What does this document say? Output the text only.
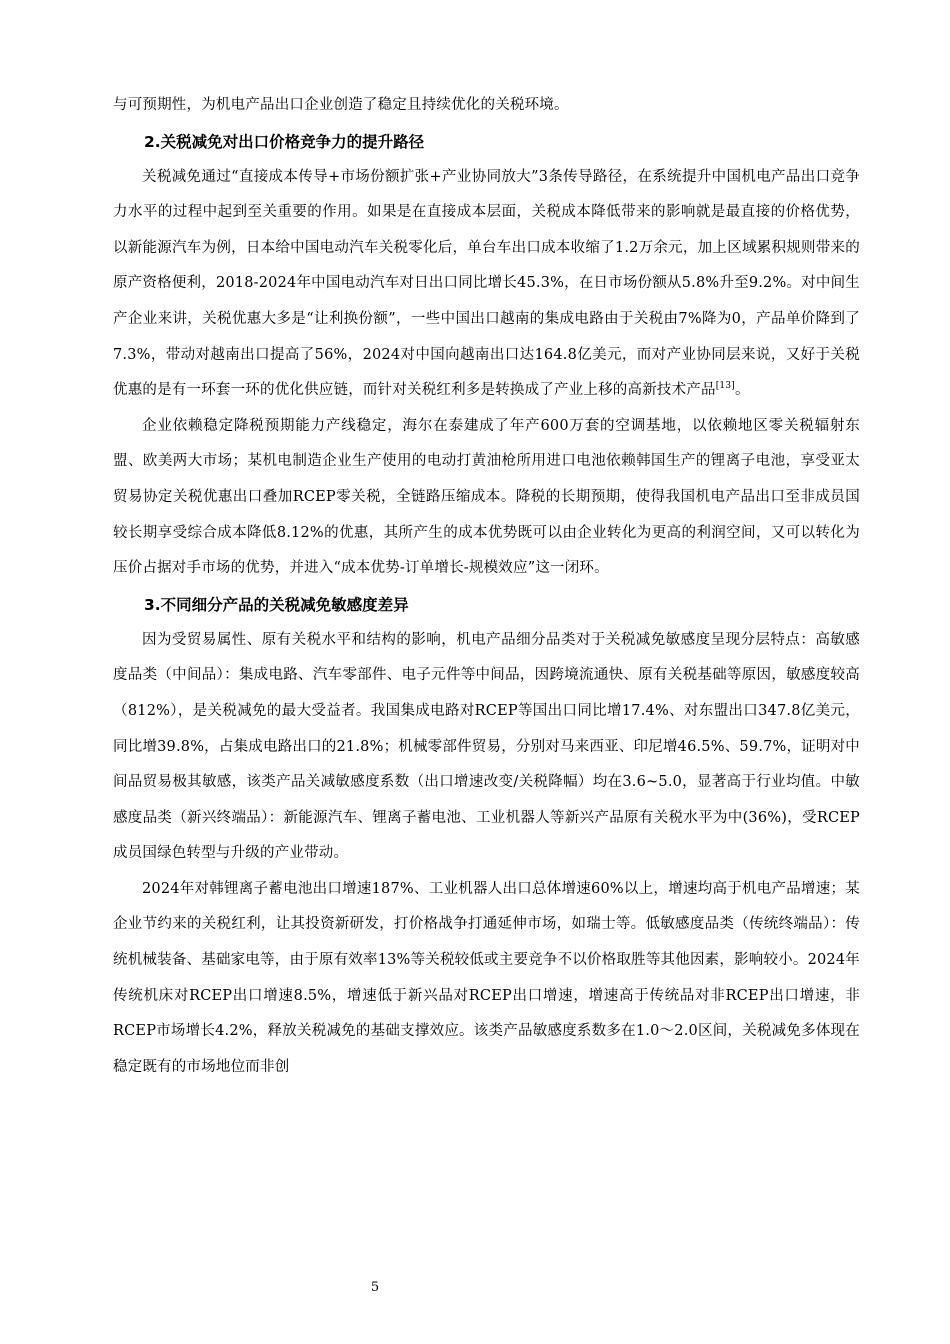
与可预期性，为机电产品出口企业创造了稳定且持续优化的关税环境。

2.关税减免对出口价格竞争力的提升路径

关税减免通过“直接成本传导+市场份额扩张+产业协同放大”3条传导路径，在系统提升中国机电产品出口竞争力水平的过程中起到至关重要的作用。如果是在直接成本层面，关税成本降低带来的影响就是最直接的价格优势，以新能源汽车为例，日本给中国电动汽车关税零化后，单台车出口成本收缩了1.2万余元，加上区域累积规则带来的原产资格便利，2018-2024年中国电动汽车对日出口同比增长45.3%，在日市场份额从5.8%升至9.2%。对中间生产企业来讲，关税优惠大多是“让利换份额”，一些中国出口越南的集成电路由于关税由7%降为0，产品单价降到了7.3%，带动对越南出口提高了56%，2024对中国向越南出口达164.8亿美元，而对产业协同层来说，又好于关税优惠的是有一环套一环的优化供应链，而针对关税红利多是转换成了产业上移的高新技术产品[13]。

企业依赖稳定降税预期能力产线稳定，海尔在泰建成了年产600万套的空调基地，以依赖地区零关税辐射东盟、欧美两大市场；某机电制造企业生产使用的电动打黄油枪所用进口电池依赖韩国生产的锂离子电池，享受亚太贸易协定关税优惠出口叠加RCEP零关税，全链路压缩成本。降税的长期预期，使得我国机电产品出口至非成员国较长期享受综合成本降低8.12%的优惠，其所产生的成本优势既可以由企业转化为更高的利润空间，又可以转化为压价占据对手市场的优势，并进入“成本优势-订单增长-规模效应”这一闭环。

3.不同细分产品的关税减免敏感度差异

因为受贸易属性、原有关税水平和结构的影响，机电产品细分品类对于关税减免敏感度呈现分层特点：高敏感度品类（中间品）：集成电路、汽车零部件、电子元件等中间品，因跨境流通快、原有关税基础等原因，敏感度较高（812%），是关税减免的最大受益者。我国集成电路对RCEP等国出口同比增17.4%、对东盟出口347.8亿美元，同比增39.8%，占集成电路出口的21.8%；机械零部件贸易，分别对马来西亚、印尼增46.5%、59.7%，证明对中间品贸易极其敏感，该类产品关减敏感度系数（出口增速改变/关税降幅）均在3.6~5.0，显著高于行业均值。中敏感度品类（新兴终端品）：新能源汽车、锂离子蓄电池、工业机器人等新兴产品原有关税水平为中(36%)，受RCEP成员国绿色转型与升级的产业带动。

2024年对韩锂离子蓄电池出口增速187%、工业机器人出口总体增速60%以上，增速均高于机电产品增速；某企业节约来的关税红利，让其投资新研发，打价格战争打通延伸市场，如瑞士等。低敏感度品类（传统终端品）：传统机械装备、基础家电等，由于原有效率13%等关税较低或主要竞争不以价格取胜等其他因素，影响较小。2024年传统机床对RCEP出口增速8.5%，增速低于新兴品对RCEP出口增速，增速高于传统品对非RCEP出口增速，非RCEP市场增长4.2%，释放关税减免的基础支撑效应。该类产品敏感度系数多在1.0～2.0区间，关税减免多体现在稳定既有的市场地位而非创

5
